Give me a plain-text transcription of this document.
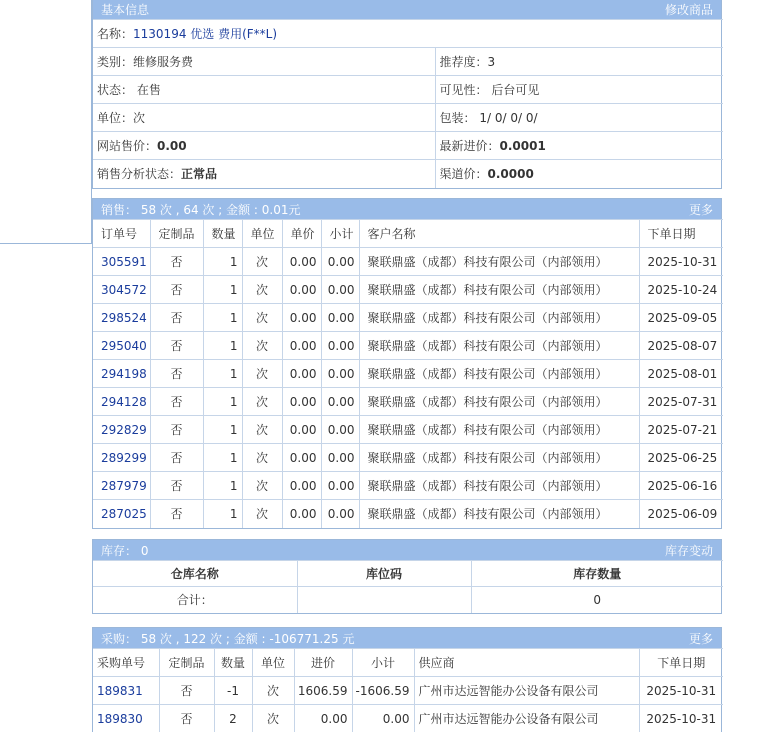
基本信息	修改商品
名称：1130194 优选 费用(F**L)	
类别：维修服务费	推荐度：3
状态： 在售	可见性： 后台可见
单位：次	包装： 1/ 0/ 0/ 0/
网站售价：0.00	最新进价：0.0001
销售分析状态：正常品	渠道价：0.0000
销售： 58 次 , 64 次 ; 金额 : 0.01元	更多
订单号	定制品	数量	单位	单价	小计	客户名称	下单日期
305591	否	1	次	0.00	0.00	聚联鼎盛（成都）科技有限公司（内部领用）	2025-10-31
304572	否	1	次	0.00	0.00	聚联鼎盛（成都）科技有限公司（内部领用）	2025-10-24
298524	否	1	次	0.00	0.00	聚联鼎盛（成都）科技有限公司（内部领用）	2025-09-05
295040	否	1	次	0.00	0.00	聚联鼎盛（成都）科技有限公司（内部领用）	2025-08-07
294198	否	1	次	0.00	0.00	聚联鼎盛（成都）科技有限公司（内部领用）	2025-08-01
294128	否	1	次	0.00	0.00	聚联鼎盛（成都）科技有限公司（内部领用）	2025-07-31
292829	否	1	次	0.00	0.00	聚联鼎盛（成都）科技有限公司（内部领用）	2025-07-21
289299	否	1	次	0.00	0.00	聚联鼎盛（成都）科技有限公司（内部领用）	2025-06-25
287979	否	1	次	0.00	0.00	聚联鼎盛（成都）科技有限公司（内部领用）	2025-06-16
287025	否	1	次	0.00	0.00	聚联鼎盛（成都）科技有限公司（内部领用）	2025-06-09
库存： 0	库存变动
仓库名称	库位码	库存数量
合计：		0
采购： 58 次 , 122 次 ; 金额 : -106771.25 元	更多
采购单号	定制品	数量	单位	进价	小计	供应商	下单日期
189831	否	-1	次	1606.59	-1606.59	广州市达远智能办公设备有限公司	2025-10-31
189830	否	2	次	0.00	0.00	广州市达远智能办公设备有限公司	2025-10-31
